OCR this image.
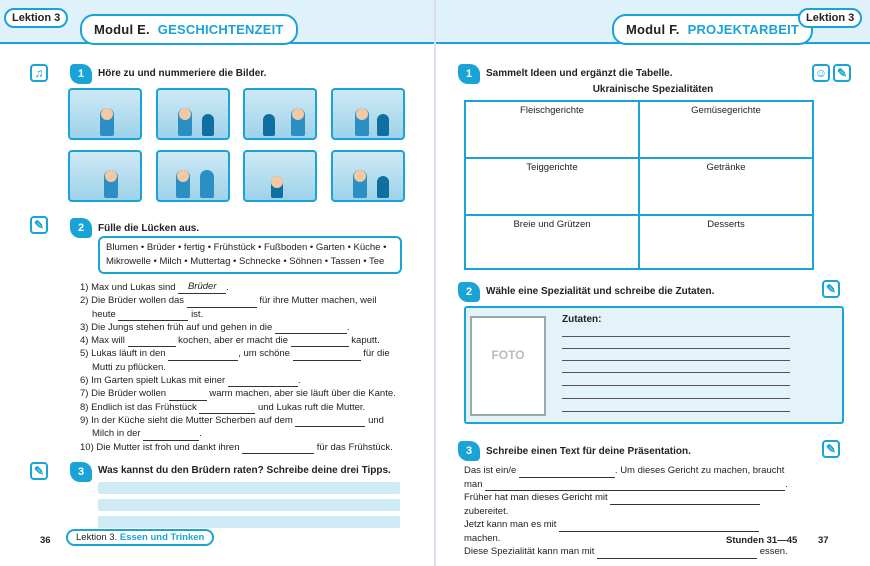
Lektion 3
Modul E. GESCHICHTENZEIT
♫	1	Höre zu und nummeriere die Bilder.
✎	2	Fülle die Lücken aus.
Blumen • Brüder • fertig • Frühstück • Fußboden • Garten • Küche •
Mikrowelle • Milch • Muttertag • Schnecke • Söhnen • Tassen • Tee
1) Max und Lukas sind Brüder .
2) Die Brüder wollen das	für ihre Mutter machen, weil
heute	ist.
3) Die Jungs stehen früh auf und gehen in die	.
4) Max will	kochen, aber er macht die	kaputt.
5) Lukas läuft in den	, um schöne	für die
Mutti zu pflücken.
6) Im Garten spielt Lukas mit einer	.
7) Die Brüder wollen	warm machen, aber sie läuft über die Kante.
8) Endlich ist das Frühstück	und Lukas ruft die Mutter.
9) In der Küche sieht die Mutter Scherben auf dem	und
Milch in der	.
10) Die Mutter ist froh und dankt ihren	für das Frühstück.
✎	3	Was kannst du den Brüdern raten? Schreibe deine drei Tipps.
36	Lektion 3. Essen und Trinken
Modul F. PROJEKTARBEIT
Lektion 3
1	Sammelt Ideen und ergänzt die Tabelle.	☺ ✎
Ukrainische Spezialitäten
Fleischgerichte	Gemüsegerichte
Teiggerichte	Getränke
Breie und Grützen	Desserts
2	Wähle eine Spezialität und schreibe die Zutaten.	✎
FOTO
Zutaten:
3	Schreibe einen Text für deine Präsentation.	✎
Das ist ein/e	. Um dieses Gericht zu machen, braucht
man	.
Früher hat man dieses Gericht mit  zubereitet.
Jetzt kann man es mit  machen.
Diese Spezialität kann man mit	essen.
Stunden 31—45 37
